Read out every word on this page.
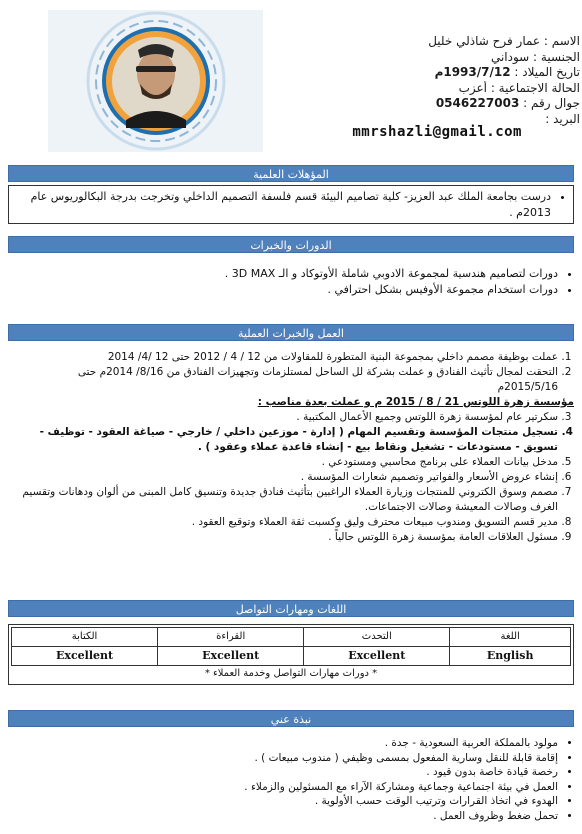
الاسم : عمار فرح شاذلي خليل
الجنسية : سوداني
تاريخ الميلاد : 1993/7/12م
الحالة الاجتماعية : أعزب
جوال رقم : 0546227003
البريد :
mmrshazli@gmail.com
المؤهلات العلمية
• درست بجامعة الملك عبد العزيز- كلية تصاميم البيئة قسم فلسفة التصميم الداخلي وتخرجت بدرجة البكالوريوس عام 2013م .
الدورات والخبرات
• دورات لتصاميم هندسية لمجموعة الادوبي شاملة الأوتوكاد و الـ 3D MAX .
• دورات استخدام مجموعة الأوفيس بشكل احترافي .
العمل والخبرات العملية
1. عملت بوظيفة مصمم داخلي بمجموعة البنية المتطورة للمقاولات من 12 / 4 / 2012 حتى 12 /4/ 2014
2. التحقت لمجال تأثيث الفنادق و عملت بشركة لل الساحل لمستلزمات وتجهيزات الفنادق من 8/16/ 2014م حتى 2015/5/16م
مؤسسة زهرة اللوتس 21 / 8 / 2015 م و عملت بعدة مناصب :
3. سكرتير عام لمؤسسة زهرة اللوتس وجميع الأعمال المكتبية .
4. تسجيل منتجات المؤسسة وتقسيم المهام ( إدارة - موزعين داخلي / خارجي - صياغة العقود - توظيف - تسويق - مستودعات - تشغيل ونقاط بيع - إنشاء قاعدة عملاء وعقود ) .
5. مدخل بيانات العملاء على برنامج محاسبي ومستودعي .
6. إنشاء عروض الأسعار والفواتير وتصميم شعارات المؤسسة .
7. مصمم وسوق الكتروني للمنتجات وزيارة العملاء الراغبين بتأثيث فنادق جديدة وتنسيق كامل المبنى من ألوان ودهانات وتقسيم الغرف وصالات المعيشة وصالات الاجتماعات.
8. مدير قسم التسويق ومندوب مبيعات محترف وليق وكسبت ثقة العملاء وتوقيع العقود .
9. مسئول العلاقات العامة بمؤسسة زهرة اللوتس حالياً .
اللغات ومهارات التواصل
اللغة	التحدث	القراءة	الكتابة
English	Excellent	Excellent	Excellent
* دورات مهارات التواصل وخدمة العملاء *
نبذة عني
• مولود بالمملكة العربية السعودية - جدة .
• إقامة قابلة للنقل وسارية المفعول بمسمى وظيفي ( مندوب مبيعات ) .
• رخصة قيادة خاصة بدون قيود .
• العمل في بيئة اجتماعية وجماعية ومشاركة الآراء مع المسئولين والزملاء .
• الهدوء في اتخاذ القرارات وترتيب الوقت حسب الأولوية .
• تحمل ضغط وظروف العمل .
